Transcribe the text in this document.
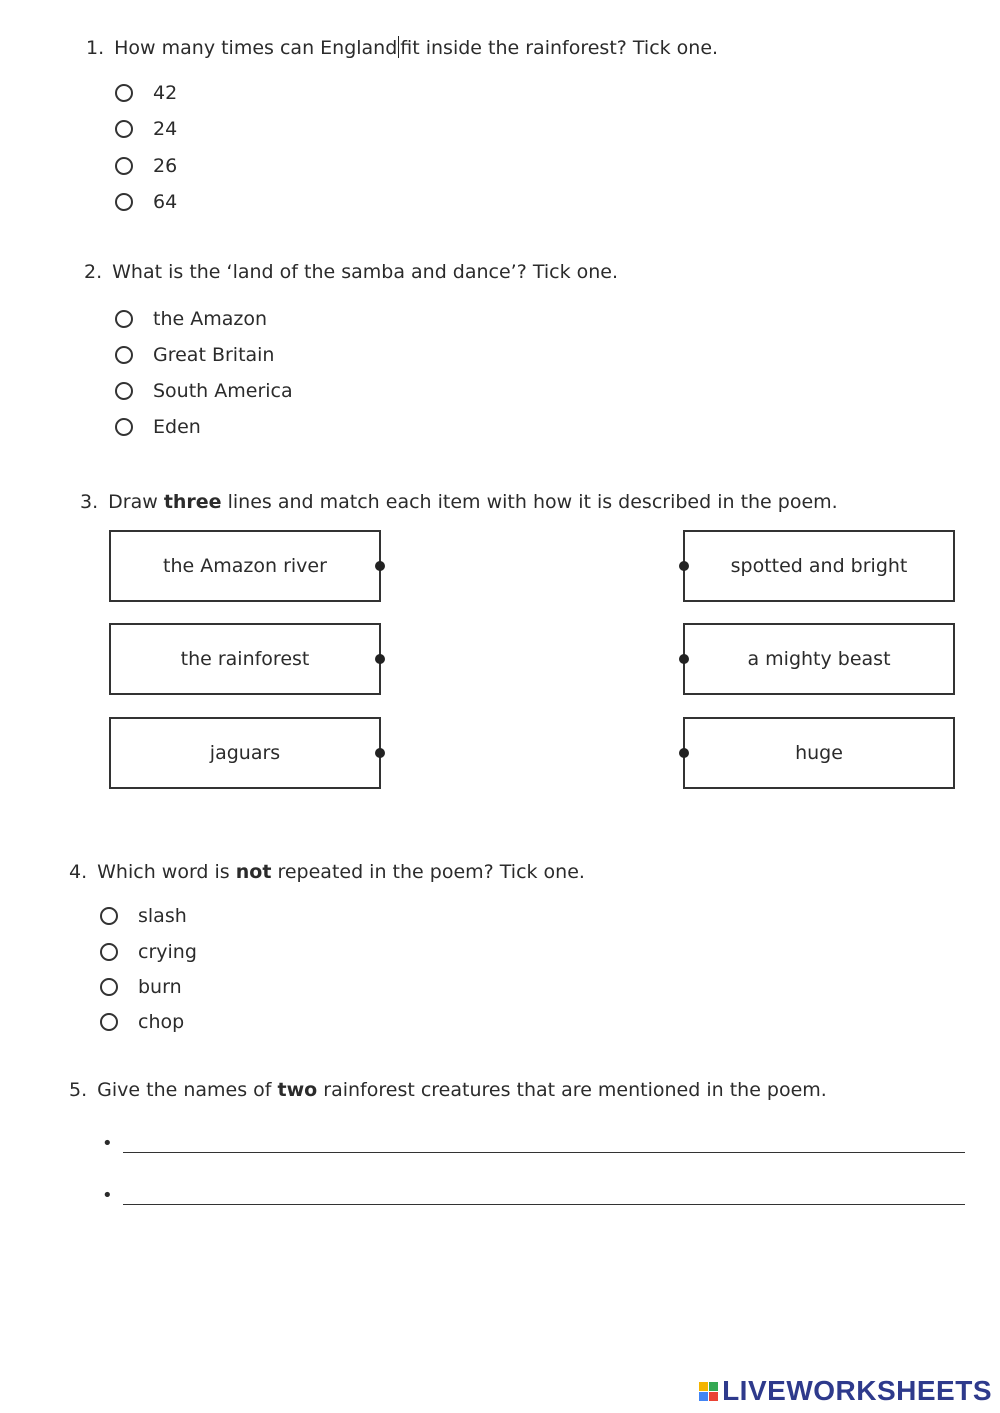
1. How many times can England fit inside the rainforest? Tick one.
42
24
26
64
2. What is the ‘land of the samba and dance’? Tick one.
the Amazon
Great Britain
South America
Eden
3. Draw three lines and match each item with how it is described in the poem.
the Amazon river
the rainforest
jaguars
spotted and bright
a mighty beast
huge
4. Which word is not repeated in the poem? Tick one.
slash
crying
burn
chop
5. Give the names of two rainforest creatures that are mentioned in the poem.
•
•
LIVEWORKSHEETS
